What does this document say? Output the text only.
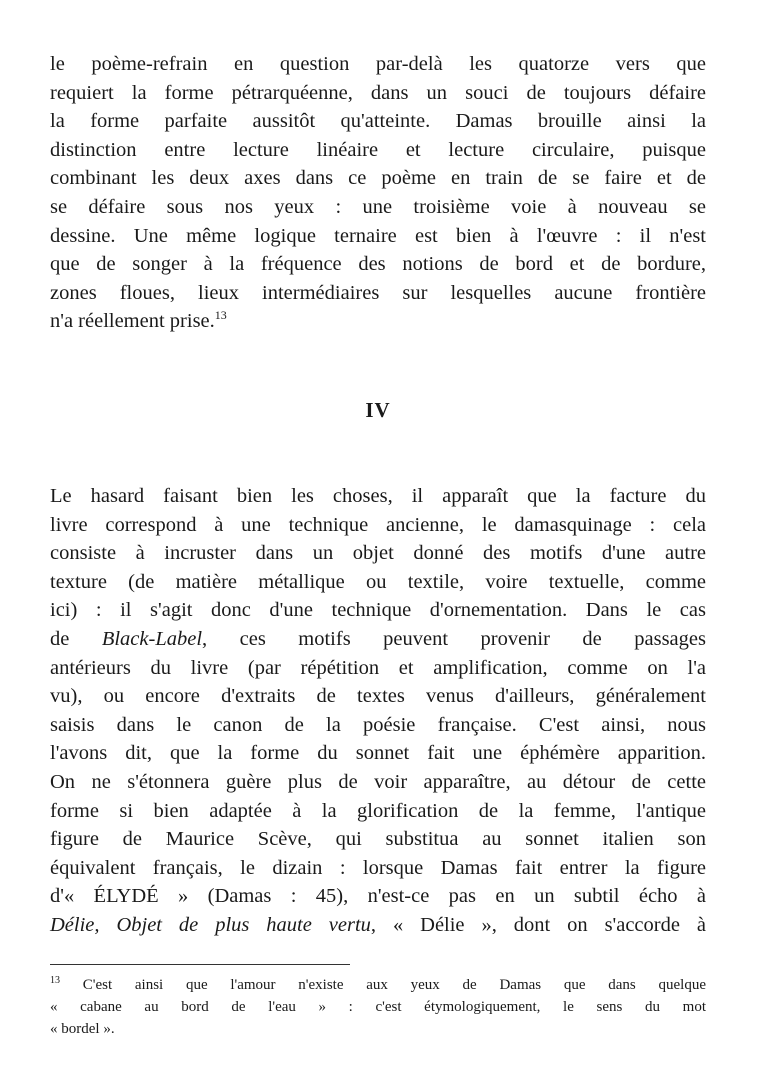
le poème-refrain en question par-delà les quatorze vers que
requiert la forme pétrarquéenne, dans un souci de toujours défaire
la forme parfaite aussitôt qu'atteinte. Damas brouille ainsi la
distinction entre lecture linéaire et lecture circulaire, puisque
combinant les deux axes dans ce poème en train de se faire et de
se défaire sous nos yeux : une troisième voie à nouveau se
dessine. Une même logique ternaire est bien à l'œuvre : il n'est
que de songer à la fréquence des notions de bord et de bordure,
zones floues, lieux intermédiaires sur lesquelles aucune frontière
n'a réellement prise.$^{13}$

IV

Le hasard faisant bien les choses, il apparaît que la facture du
livre correspond à une technique ancienne, le damasquinage : cela
consiste à incruster dans un objet donné des motifs d'une autre
texture (de matière métallique ou textile, voire textuelle, comme
ici) : il s'agit donc d'une technique d'ornementation. Dans le cas
de Black-Label, ces motifs peuvent provenir de passages
antérieurs du livre (par répétition et amplification, comme on l'a
vu), ou encore d'extraits de textes venus d'ailleurs, généralement
saisis dans le canon de la poésie française. C'est ainsi, nous
l'avons dit, que la forme du sonnet fait une éphémère apparition.
On ne s'étonnera guère plus de voir apparaître, au détour de cette
forme si bien adaptée à la glorification de la femme, l'antique
figure de Maurice Scève, qui substitua au sonnet italien son
équivalent français, le dizain : lorsque Damas fait entrer la figure
d'« ÉLYDÉ » (Damas : 45), n'est-ce pas en un subtil écho à
Délie, Objet de plus haute vertu, « Délie », dont on s'accorde à

$^{13}$ C'est ainsi que l'amour n'existe aux yeux de Damas que dans quelque
« cabane au bord de l'eau » : c'est étymologiquement, le sens du mot
« bordel ».
